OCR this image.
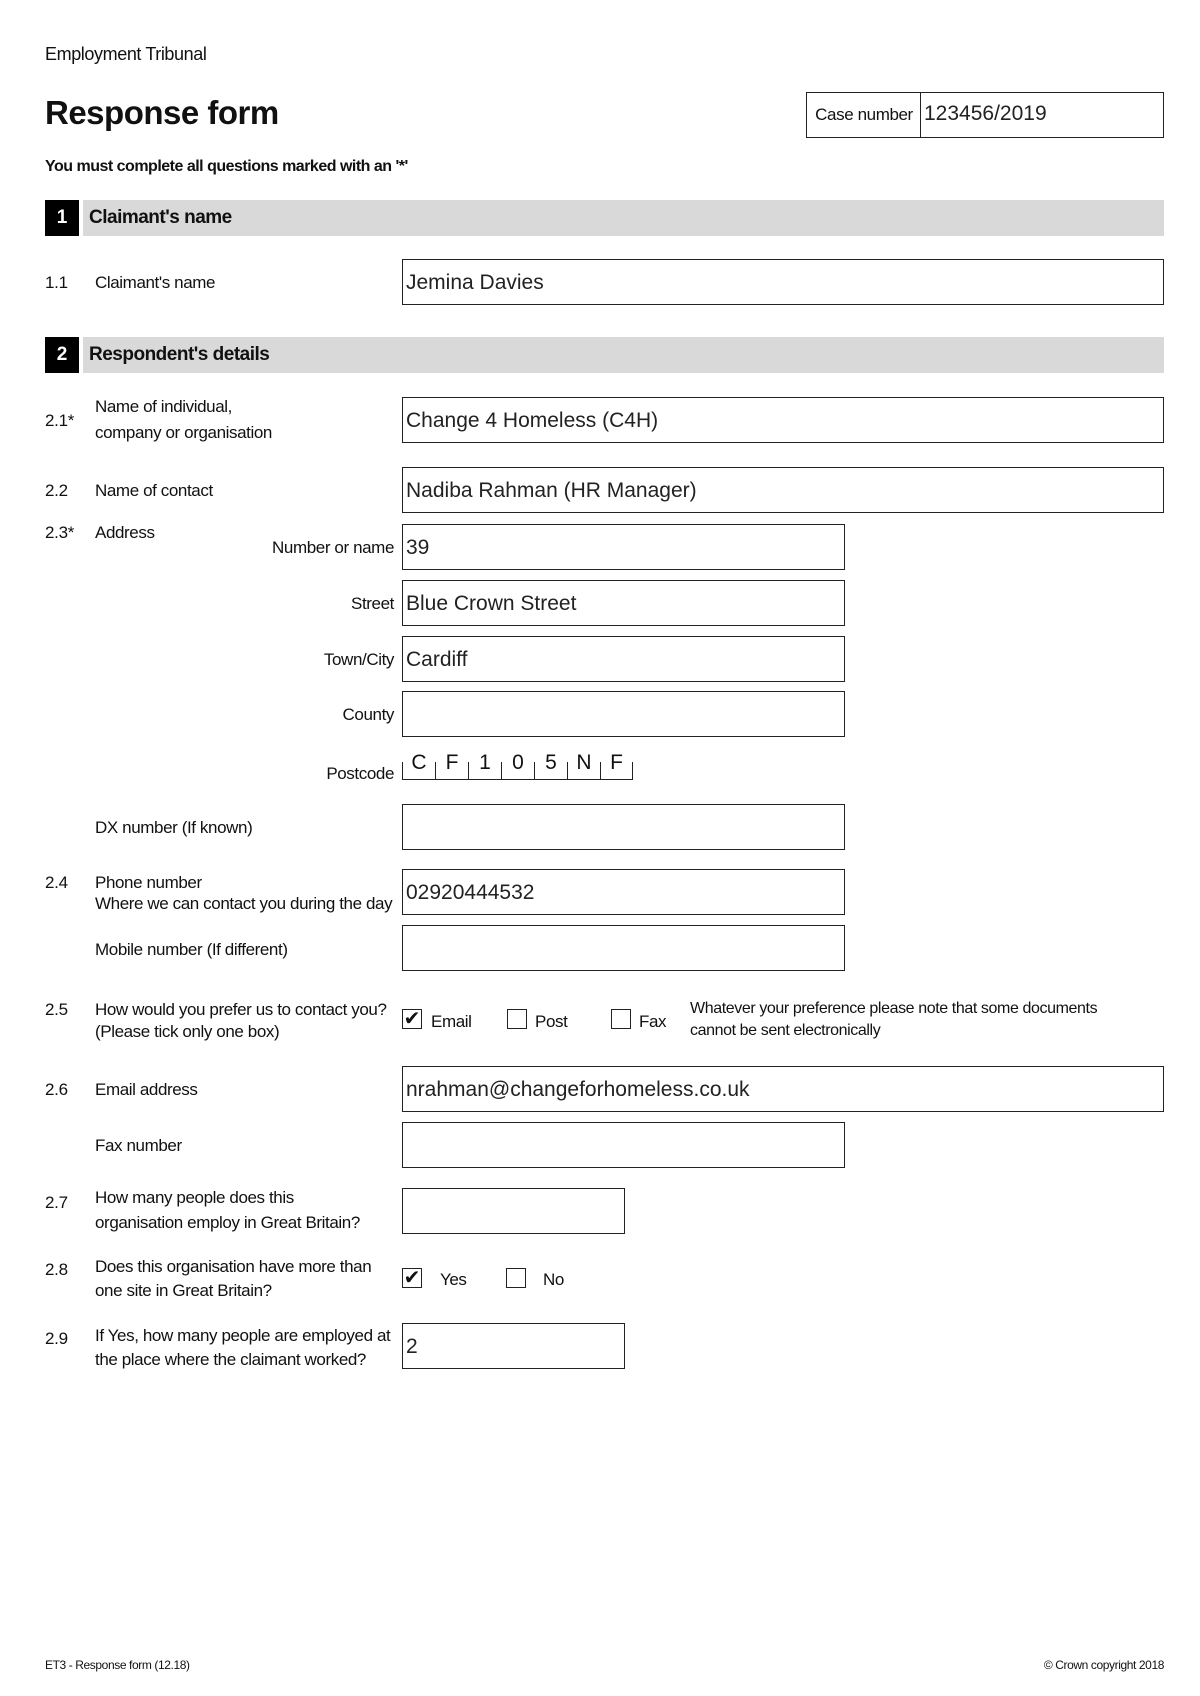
Employment Tribunal
Response form	Case number 123456/2019
You must complete all questions marked with an '*'
1	Claimant's name
1.1 Claimant's name	Jemina Davies
2	Respondent's details
2.1*
Name of individual,
company or organisation
Change 4 Homeless (C4H)
2.2 Name of contact	Nadiba Rahman (HR Manager)
2.3* Address
Number or name 39
Street Blue Crown Street
Town/City Cardiff
County
Postcode C F 1	0	5 N F
DX number (If known)
2.4 Phone number
Where we can contact you during the day 02920444532
Mobile number (If different)
2.5 How would you prefer us to contact you?
(Please tick only one box)
✔ Email	Post	Fax
Whatever your preference please note that some documents
cannot be sent electronically
2.6 Email address	nrahman@changeforhomeless.co.uk
Fax number
2.7 How many people does this
organisation employ in Great Britain?
2.8 Does this organisation have more than
one site in Great Britain?
✔ Yes	No
2.9 If Yes, how many people are employed at
the place where the claimant worked?
2
ET3 - Response form (12.18)	© Crown copyright 2018
